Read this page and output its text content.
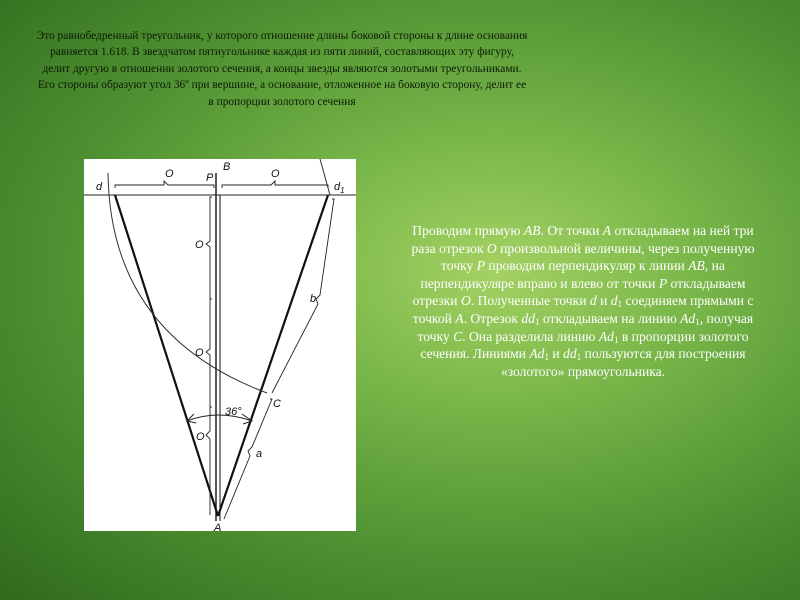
Это равнобедренный треугольник, у которого отношение длины боковой стороны к длине основания равняется 1.618. В звездчатом пятиугольнике каждая из пяти линий, составляющих эту фигуру, делит другую в отношении золотого сечения, а концы звезды являются золотыми треугольниками. Его стороны образуют угол 36º при вершине, а основание, отложенное на боковую сторону, делит ее в пропорции золотого сечения
d	$d_1$
P
B
A
C
a
b
O	O
O
O
O
36°
Проводим прямую АВ. От точки А откладываем на ней три раза отрезок О произвольной величины, через полученную точку Р проводим перпендикуляр к линии АВ, на перпендикуляре вправо и влево от точки Р откладываем отрезки О. Полученные точки d и $d_1$ соединяем прямыми с точкой А. Отрезок $dd_1$ откладываем на линию $Ad_1$, получая точку С. Она разделила линию $Ad_1$ в пропорции золотого сечения. Линиями $Ad_1$ и $dd_1$ пользуются для построения «золотого» прямоугольника.
